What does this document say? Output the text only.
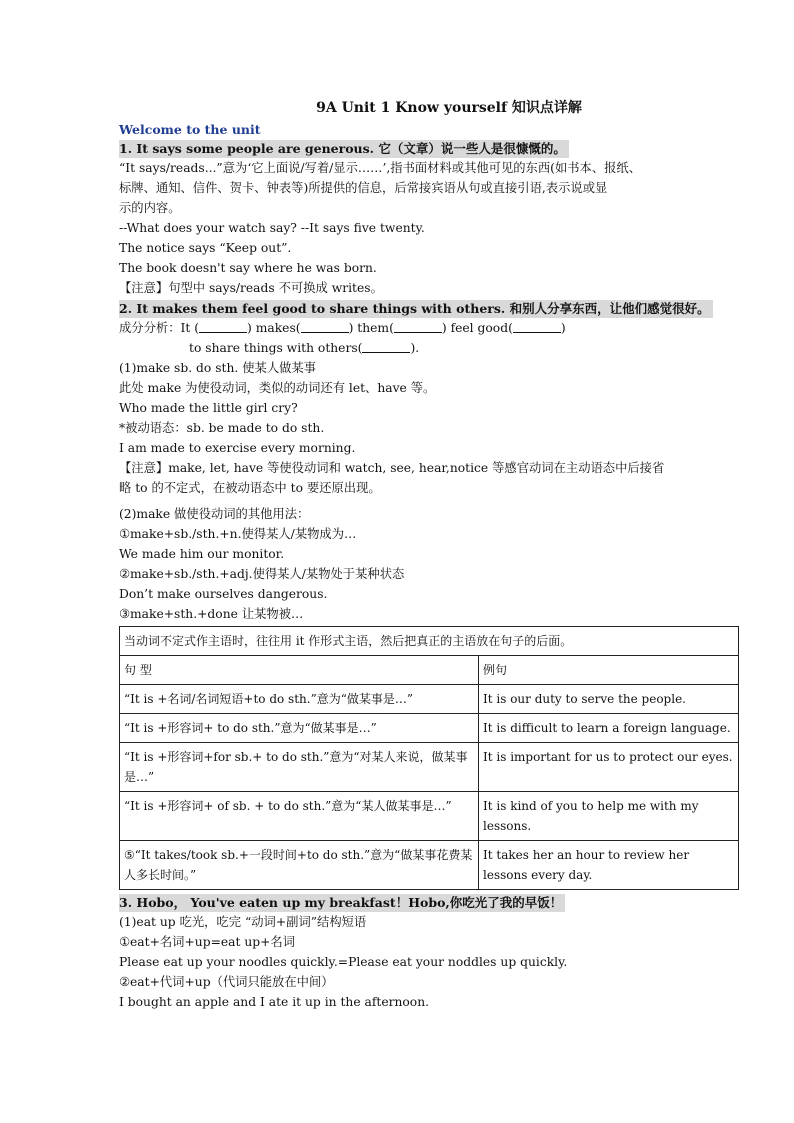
9A Unit 1 Know yourself 知识点详解
Welcome to the unit
1. It says some people are generous. 它（文章）说一些人是很慷慨的。

“It says/reads...”意为‘它上面说/写着/显示……’,指书面材料或其他可见的东西(如书本、报纸、

标牌、通知、信件、贺卡、钟表等)所提供的信息，后常接宾语从句或直接引语,表示说或显

示的内容。

--What does your watch say? --It says five twenty.

The notice says “Keep out”.

The book doesn't say where he was born.

【注意】句型中 says/reads 不可换成 writes。

2. It makes them feel good to share things with others. 和别人分享东西，让他们感觉很好。

成分分析：It (	) makes(	) them(	) feel good(	)

to share things with others(	).

(1)make sb. do sth. 使某人做某事

此处 make 为使役动词，类似的动词还有 let、have 等。

Who made the little girl cry?

*被动语态：sb. be made to do sth.

I am made to exercise every morning.

【注意】make, let, have 等使役动词和 watch, see, hear,notice 等感官动词在主动语态中后接省

略 to 的不定式，在被动语态中 to 要还原出现。

(2)make 做使役动词的其他用法：

①make+sb./sth.+n.使得某人/某物成为…

We made him our monitor.

②make+sb./sth.+adj.使得某人/某物处于某种状态

Don’t make ourselves dangerous.

③make+sth.+done 让某物被…

当动词不定式作主语时，往往用 it 作形式主语，然后把真正的主语放在句子的后面。	
句 型	例句
“It is +名词/名词短语+to do sth.”意为“做某事是…”	It is our duty to serve the people.
“It is +形容词+ to do sth.”意为“做某事是…”	It is difficult to learn a foreign language.
“It is +形容词+for sb.+ to do sth.”意为“对某人来说，做某事是…”	It is important for us to protect our eyes.
“It is +形容词+ of sb. + to do sth.”意为“某人做某事是…”	It is kind of you to help me with my lessons.
⑤“It takes/took sb.+一段时间+to do sth.”意为“做某事花费某人多长时间。”	It takes her an hour to review her lessons every day.
3. Hobo， You've eaten up my breakfast！Hobo,你吃光了我的早饭！

(1)eat up 吃光，吃完 “动词+副词”结构短语

①eat+名词+up=eat up+名词

Please eat up your noodles quickly.=Please eat your noddles up quickly.

②eat+代词+up（代词只能放在中间）

I bought an apple and I ate it up in the afternoon.
